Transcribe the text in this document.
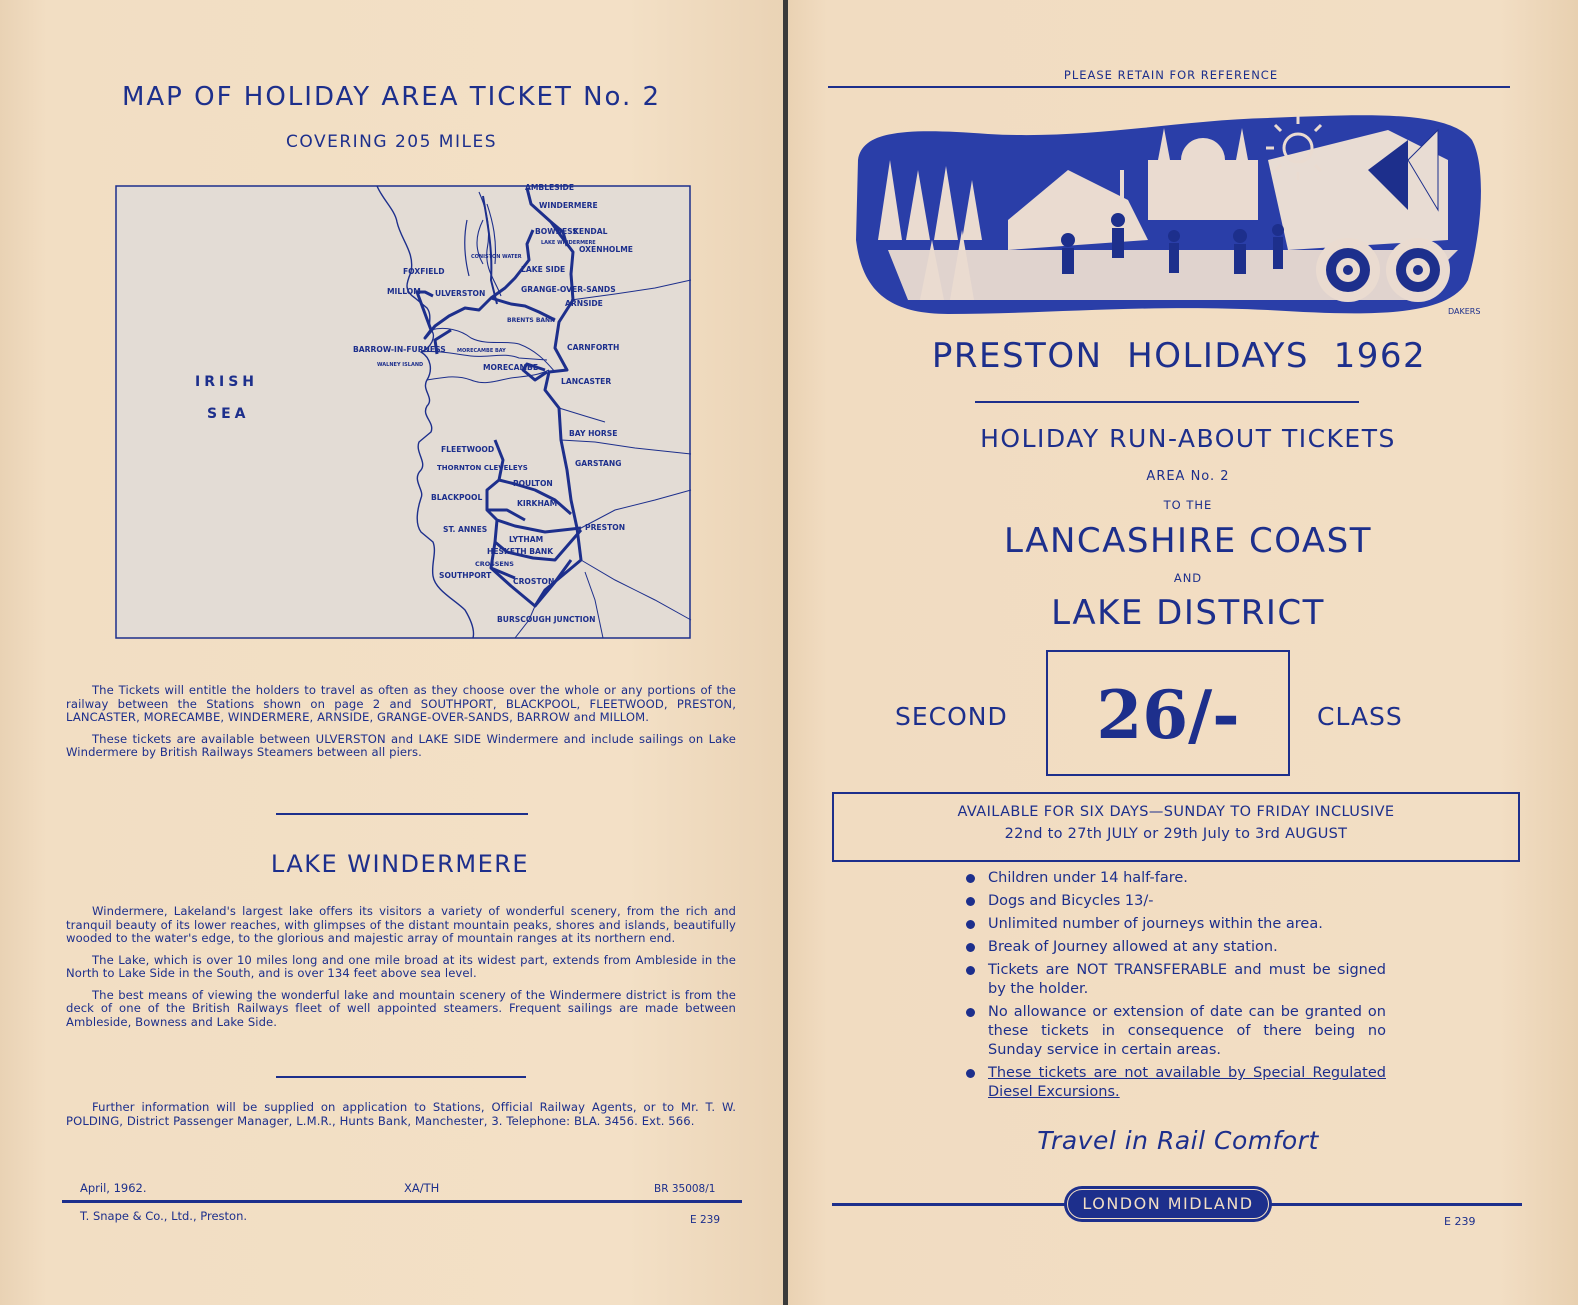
MAP OF HOLIDAY AREA TICKET No. 2
COVERING 205 MILES
IRISH
SEA
AMBLESIDE
WINDERMERE
BOWNESS
KENDAL
LAKE WINDERMERE
OXENHOLME
CONISTON WATER
LAKE SIDE
FOXFIELD
MILLOM ULVERSTON	GRANGE-OVER-SANDS
ARNSIDE
BRENTS BANK
CARNFORTH
BARROW-IN-FURNESS MORECAMBE BAY
WALNEY ISLAND	MORECAMBE
LANCASTER
BAY HORSE
FLEETWOOD
GARSTANG
THORNTON CLEVELEYS
POULTON
BLACKPOOL
KIRKHAM
ST. ANNES	PRESTON
LYTHAM
HESKETH BANK
CROSSENS
SOUTHPORT
CROSTON
BURSCOUGH JUNCTION

The Tickets will entitle the holders to travel as often as they choose over the whole or any portions of the railway between the Stations shown on page 2 and SOUTHPORT, BLACKPOOL, FLEETWOOD, PRESTON, LANCASTER, MORECAMBE, WINDERMERE, ARNSIDE, GRANGE-OVER-SANDS, BARROW and MILLOM.

These tickets are available between ULVERSTON and LAKE SIDE Windermere and include sailings on Lake Windermere by British Railways Steamers between all piers.

LAKE WINDERMERE

Windermere, Lakeland's largest lake offers its visitors a variety of wonderful scenery, from the rich and tranquil beauty of its lower reaches, with glimpses of the distant mountain peaks, shores and islands, beautifully wooded to the water's edge, to the glorious and majestic array of mountain ranges at its northern end.

The Lake, which is over 10 miles long and one mile broad at its widest part, extends from Ambleside in the North to Lake Side in the South, and is over 134 feet above sea level.

The best means of viewing the wonderful lake and mountain scenery of the Windermere district is from the deck of one of the British Railways fleet of well appointed steamers. Frequent sailings are made between Ambleside, Bowness and Lake Side.

Further information will be supplied on application to Stations, Official Railway Agents, or to Mr. T. W. POLDING, District Passenger Manager, L.M.R., Hunts Bank, Manchester, 3. Telephone: BLA. 3456. Ext. 566.

April, 1962.	XA/TH	BR 35008/1
T. Snape & Co., Ltd., Preston.	E 239
PLEASE RETAIN FOR REFERENCE
DAKERS
PRESTON  HOLIDAYS  1962
HOLIDAY RUN-ABOUT TICKETS
AREA No. 2
TO THE
LANCASHIRE COAST
AND
LAKE DISTRICT
SECOND	26/-	CLASS
AVAILABLE FOR SIX DAYS—SUNDAY TO FRIDAY INCLUSIVE
22nd to 27th JULY or 29th July to 3rd AUGUST

Children under 14 half-fare.

Dogs and Bicycles 13/-

Unlimited number of journeys within the area.

Break of Journey allowed at any station.

Tickets are NOT TRANSFERABLE and must be signed by the holder.

No allowance or extension of date can be granted on these tickets in consequence of there being no Sunday service in certain areas.

These tickets are not available by Special Regulated Diesel Excursions.

Travel in Rail Comfort
LONDON MIDLAND
E 239
